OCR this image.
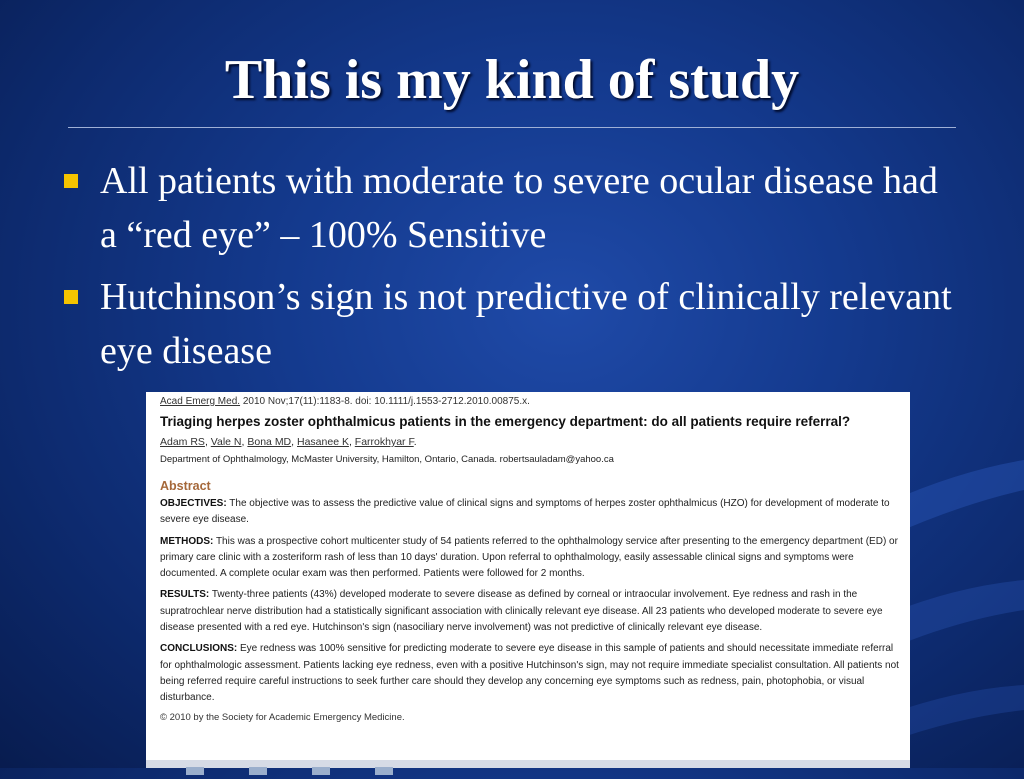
This is my kind of study
All patients with moderate to severe ocular disease had a “red eye” – 100% Sensitive
Hutchinson’s sign is not predictive of clinically relevant eye disease
Acad Emerg Med. 2010 Nov;17(11):1183-8. doi: 10.1111/j.1553-2712.2010.00875.x.
Triaging herpes zoster ophthalmicus patients in the emergency department: do all patients require referral?
Adam RS, Vale N, Bona MD, Hasanee K, Farrokhyar F.
Department of Ophthalmology, McMaster University, Hamilton, Ontario, Canada. robertsauladam@yahoo.ca
Abstract
OBJECTIVES: The objective was to assess the predictive value of clinical signs and symptoms of herpes zoster ophthalmicus (HZO) for development of moderate to severe eye disease.
METHODS: This was a prospective cohort multicenter study of 54 patients referred to the ophthalmology service after presenting to the emergency department (ED) or primary care clinic with a zosteriform rash of less than 10 days' duration. Upon referral to ophthalmology, easily assessable clinical signs and symptoms were documented. A complete ocular exam was then performed. Patients were followed for 2 months.
RESULTS: Twenty-three patients (43%) developed moderate to severe disease as defined by corneal or intraocular involvement. Eye redness and rash in the supratrochlear nerve distribution had a statistically significant association with clinically relevant eye disease. All 23 patients who developed moderate to severe eye disease presented with a red eye. Hutchinson's sign (nasociliary nerve involvement) was not predictive of clinically relevant eye disease.
CONCLUSIONS: Eye redness was 100% sensitive for predicting moderate to severe eye disease in this sample of patients and should necessitate immediate referral for ophthalmologic assessment. Patients lacking eye redness, even with a positive Hutchinson's sign, may not require immediate specialist consultation. All patients not being referred require careful instructions to seek further care should they develop any concerning eye symptoms such as redness, pain, photophobia, or visual disturbance.
© 2010 by the Society for Academic Emergency Medicine.
